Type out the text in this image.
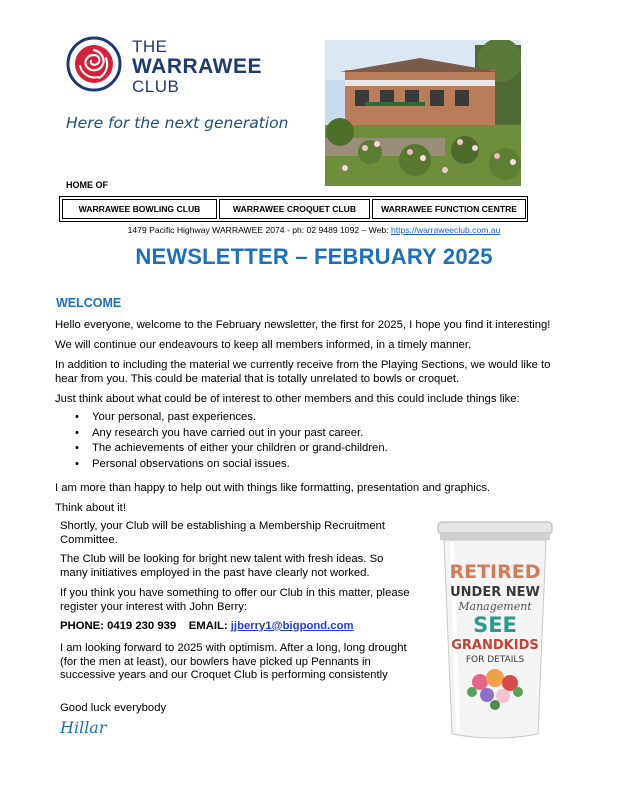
THE
WARRAWEE
CLUB
Here for the next generation
HOME OF
WARRAWEE BOWLING CLUB	WARRAWEE CROQUET CLUB	WARRAWEE FUNCTION CENTRE
1479 Pacific Highway WARRAWEE 2074 - ph: 02 9489 1092 – Web: https://warraweeclub.com.au
NEWSLETTER – FEBRUARY 2025
WELCOME
Hello everyone, welcome to the February newsletter, the first for 2025, I hope you find it interesting!
We will continue our endeavours to keep all members informed, in a timely manner.
In addition to including the material we currently receive from the Playing Sections, we would like to hear from you. This could be material that is totally unrelated to bowls or croquet.
Just think about what could be of interest to other members and this could include things like:
• Your personal, past experiences.
• Any research you have carried out in your past career.
• The achievements of either your children or grand-children.
• Personal observations on social issues.
I am more than happy to help out with things like formatting, presentation and graphics.
Think about it!
Shortly, your Club will be establishing a Membership Recruitment Committee.
The Club will be looking for bright new talent with fresh ideas. So many initiatives employed in the past have clearly not worked.
If you think you have something to offer our Club in this matter, please register your interest with John Berry:
PHONE: 0419 230 939 EMAIL: jjberry1@bigpond.com
I am looking forward to 2025 with optimism. After a long, long drought (for the men at least), our bowlers have picked up Pennants in successive years and our Croquet Club is performing consistently
Good luck everybody
Hillar
RETIRED
UNDER NEW
Management
SEE
GRANDKIDS
FOR DETAILS
